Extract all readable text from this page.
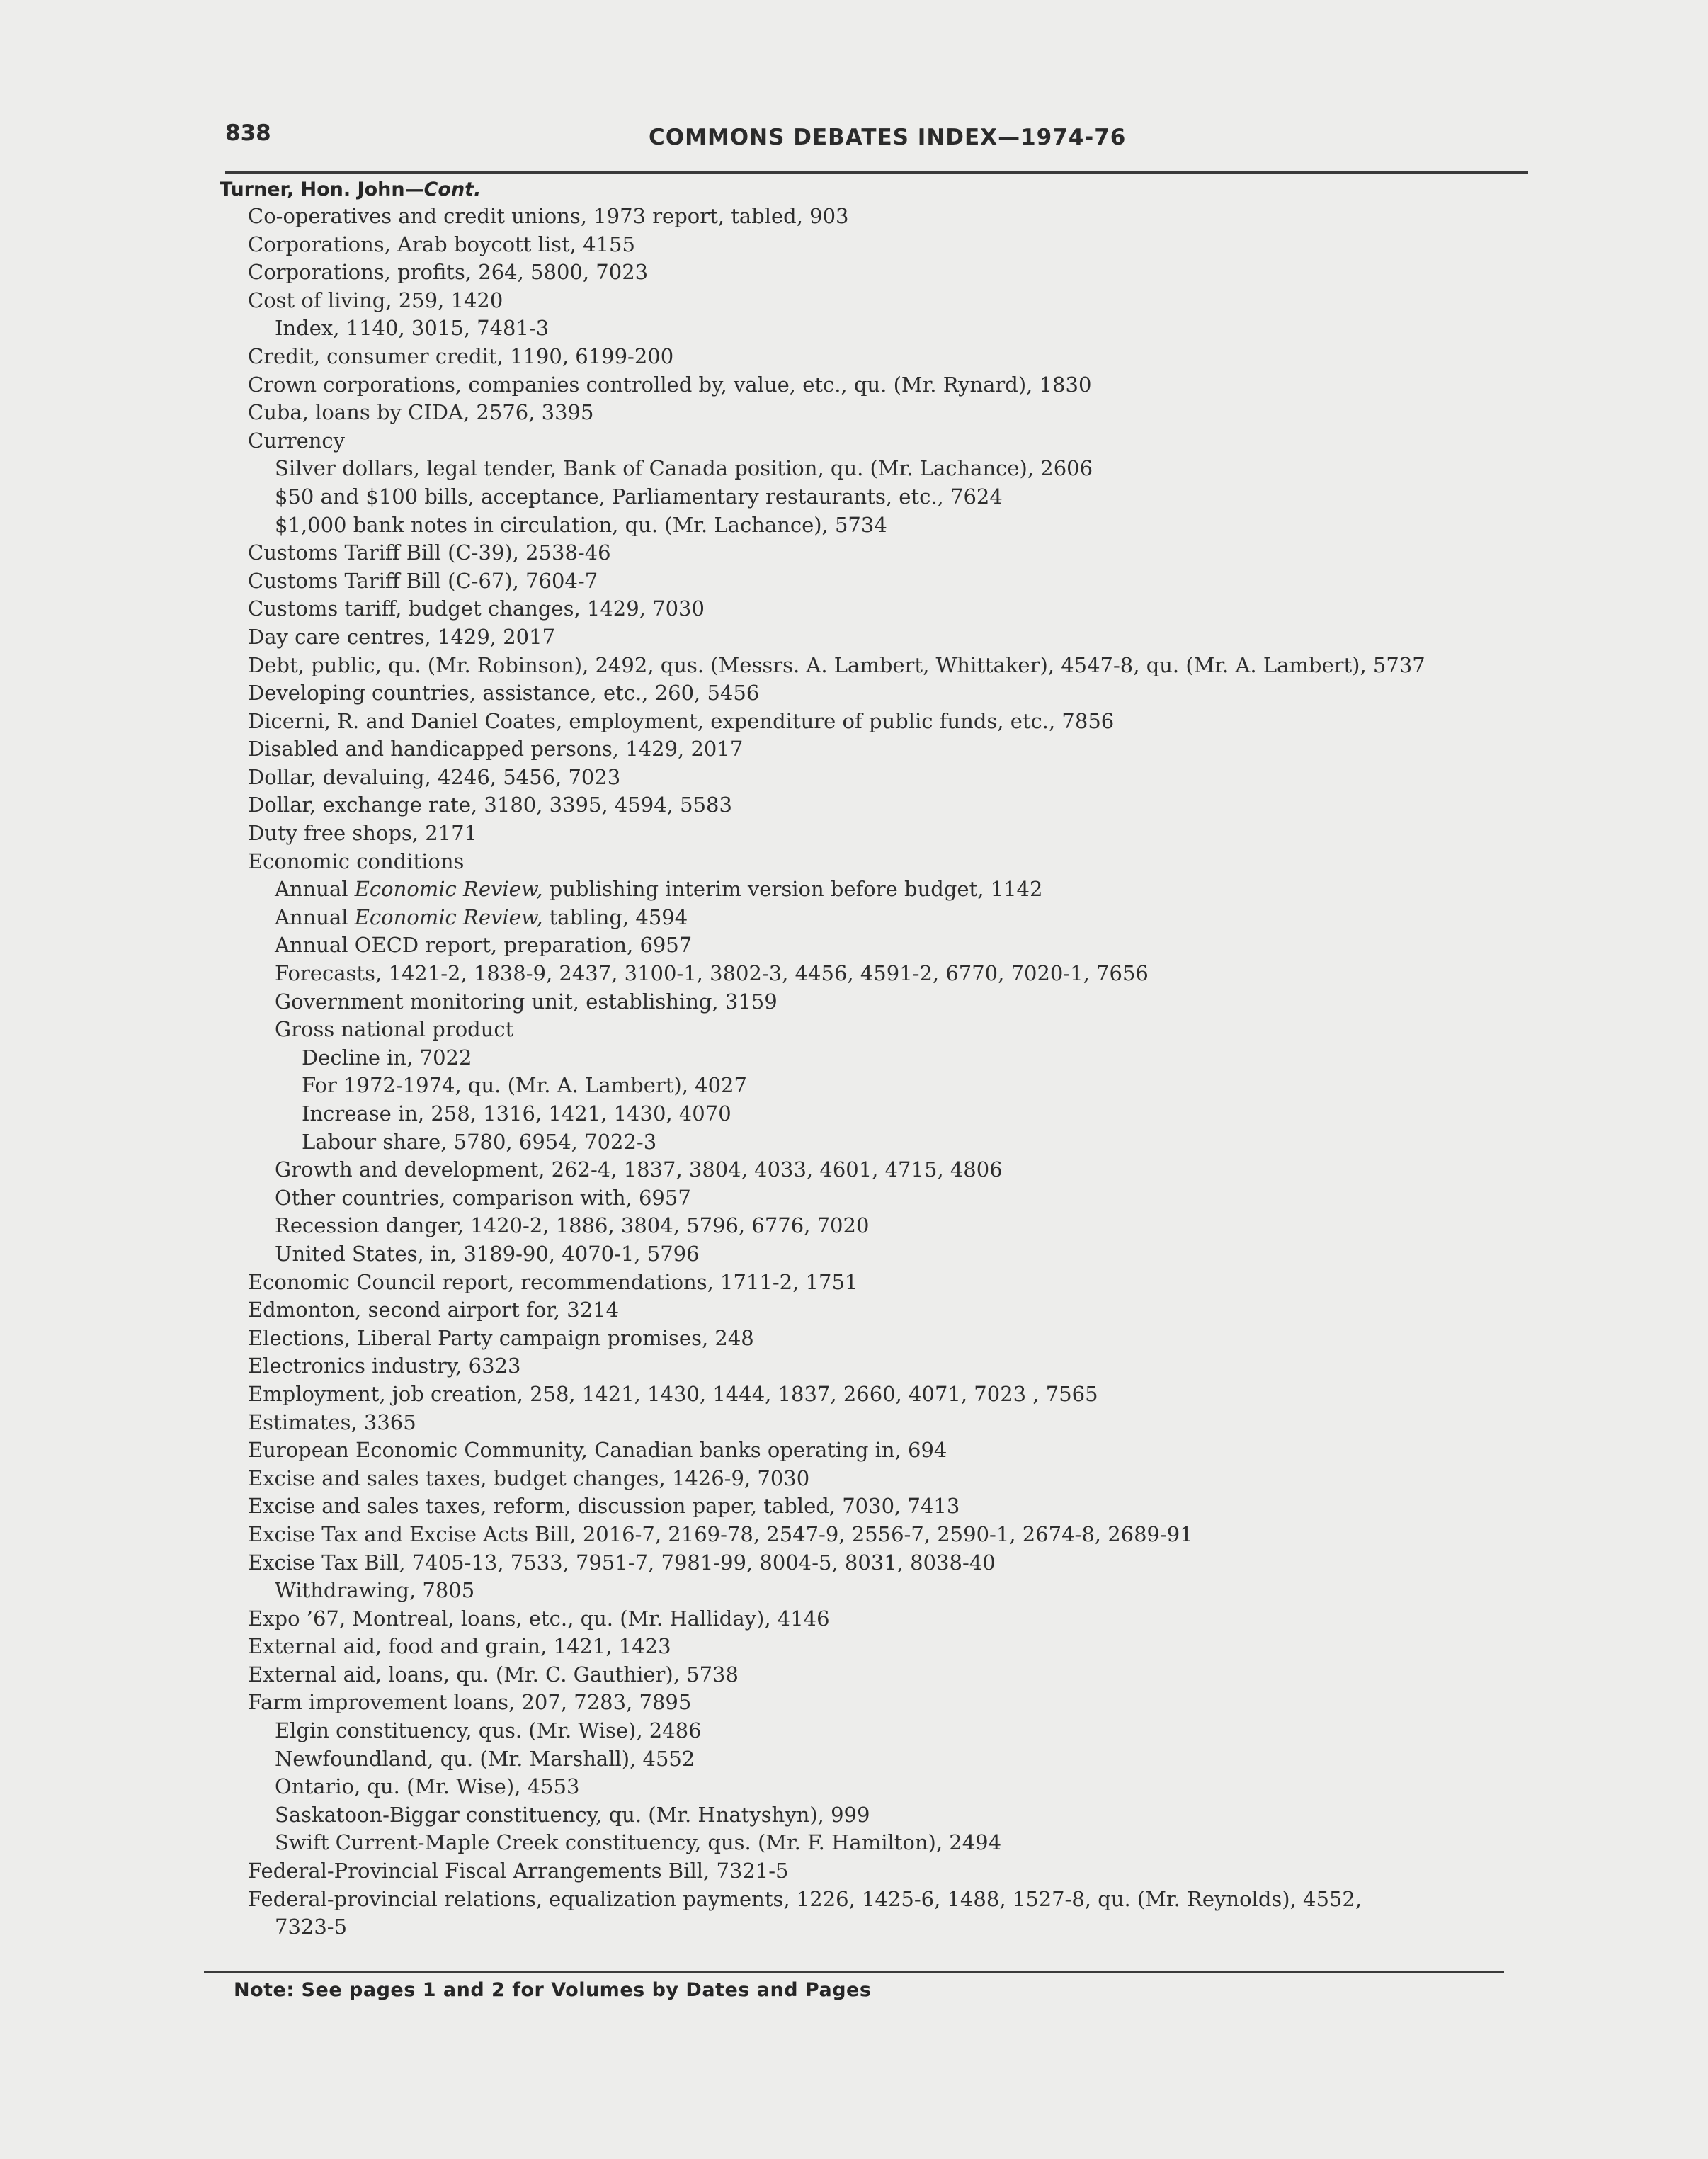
838	COMMONS DEBATES INDEX—1974-76
Turner, Hon. John—Cont.
Co-operatives and credit unions, 1973 report, tabled, 903
Corporations, Arab boycott list, 4155
Corporations, profits, 264, 5800, 7023
Cost of living, 259, 1420
Index, 1140, 3015, 7481-3
Credit, consumer credit, 1190, 6199-200
Crown corporations, companies controlled by, value, etc., qu. (Mr. Rynard), 1830
Cuba, loans by CIDA, 2576, 3395
Currency
Silver dollars, legal tender, Bank of Canada position, qu. (Mr. Lachance), 2606
$50 and $100 bills, acceptance, Parliamentary restaurants, etc., 7624
$1,000 bank notes in circulation, qu. (Mr. Lachance), 5734
Customs Tariff Bill (C-39), 2538-46
Customs Tariff Bill (C-67), 7604-7
Customs tariff, budget changes, 1429, 7030
Day care centres, 1429, 2017
Debt, public, qu. (Mr. Robinson), 2492, qus. (Messrs. A. Lambert, Whittaker), 4547-8, qu. (Mr. A. Lambert), 5737
Developing countries, assistance, etc., 260, 5456
Dicerni, R. and Daniel Coates, employment, expenditure of public funds, etc., 7856
Disabled and handicapped persons, 1429, 2017
Dollar, devaluing, 4246, 5456, 7023
Dollar, exchange rate, 3180, 3395, 4594, 5583
Duty free shops, 2171
Economic conditions
Annual Economic Review, publishing interim version before budget, 1142
Annual Economic Review, tabling, 4594
Annual OECD report, preparation, 6957
Forecasts, 1421-2, 1838-9, 2437, 3100-1, 3802-3, 4456, 4591-2, 6770, 7020-1, 7656
Government monitoring unit, establishing, 3159
Gross national product
Decline in, 7022
For 1972-1974, qu. (Mr. A. Lambert), 4027
Increase in, 258, 1316, 1421, 1430, 4070
Labour share, 5780, 6954, 7022-3
Growth and development, 262-4, 1837, 3804, 4033, 4601, 4715, 4806
Other countries, comparison with, 6957
Recession danger, 1420-2, 1886, 3804, 5796, 6776, 7020
United States, in, 3189-90, 4070-1, 5796
Economic Council report, recommendations, 1711-2, 1751
Edmonton, second airport for, 3214
Elections, Liberal Party campaign promises, 248
Electronics industry, 6323
Employment, job creation, 258, 1421, 1430, 1444, 1837, 2660, 4071, 7023 , 7565
Estimates, 3365
European Economic Community, Canadian banks operating in, 694
Excise and sales taxes, budget changes, 1426-9, 7030
Excise and sales taxes, reform, discussion paper, tabled, 7030, 7413
Excise Tax and Excise Acts Bill, 2016-7, 2169-78, 2547-9, 2556-7, 2590-1, 2674-8, 2689-91
Excise Tax Bill, 7405-13, 7533, 7951-7, 7981-99, 8004-5, 8031, 8038-40
Withdrawing, 7805
Expo ’67, Montreal, loans, etc., qu. (Mr. Halliday), 4146
External aid, food and grain, 1421, 1423
External aid, loans, qu. (Mr. C. Gauthier), 5738
Farm improvement loans, 207, 7283, 7895
Elgin constituency, qus. (Mr. Wise), 2486
Newfoundland, qu. (Mr. Marshall), 4552
Ontario, qu. (Mr. Wise), 4553
Saskatoon-Biggar constituency, qu. (Mr. Hnatyshyn), 999
Swift Current-Maple Creek constituency, qus. (Mr. F. Hamilton), 2494
Federal-Provincial Fiscal Arrangements Bill, 7321-5
Federal-provincial relations, equalization payments, 1226, 1425-6, 1488, 1527-8, qu. (Mr. Reynolds), 4552,
7323-5
Note: See pages 1 and 2 for Volumes by Dates and Pages
